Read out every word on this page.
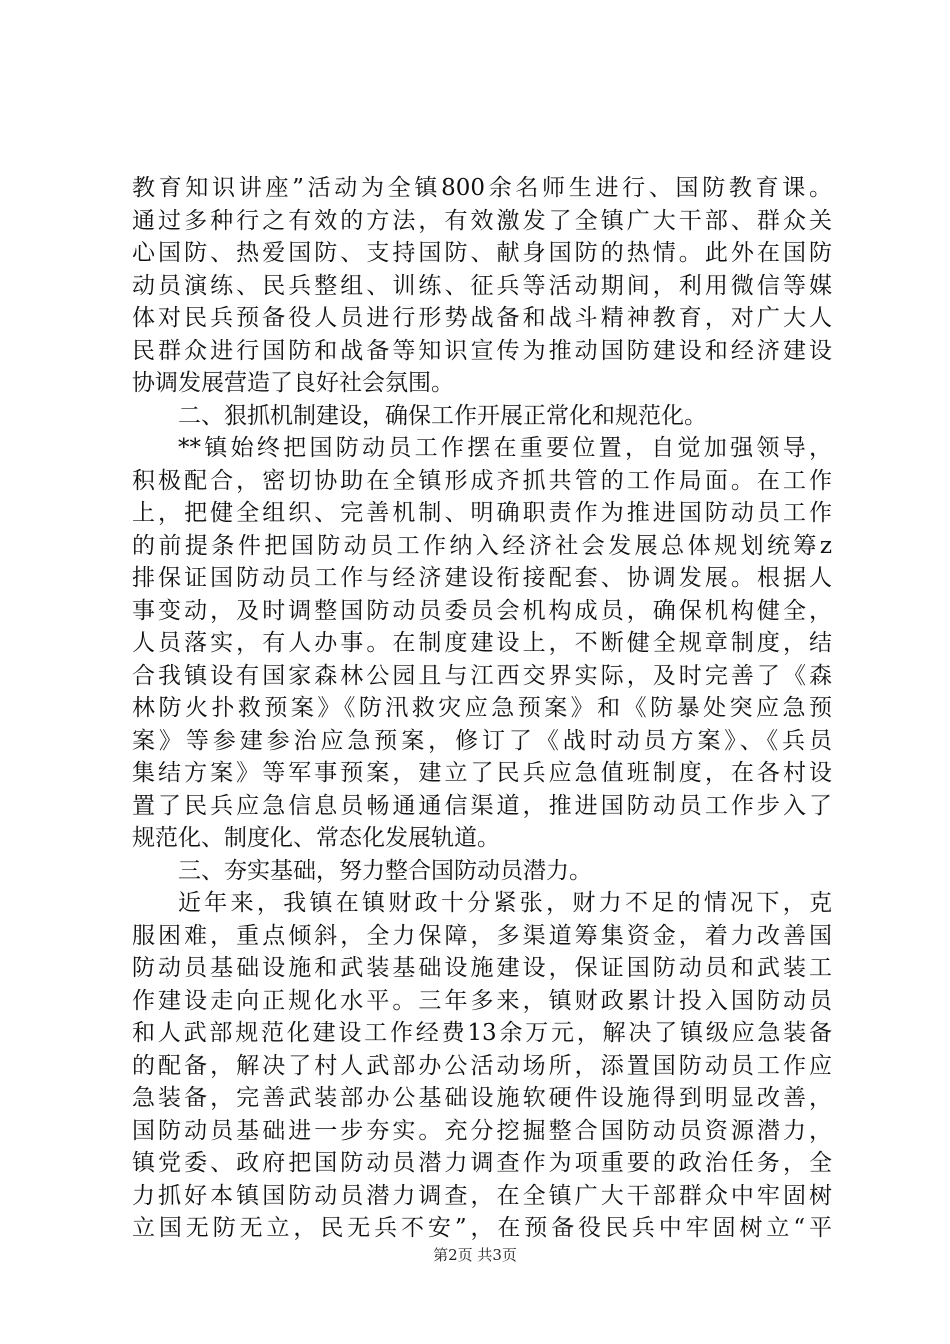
教育知识讲座”活动为全镇800余名师生进行、国防教育课。
通过多种行之有效的方法，有效激发了全镇广大干部、群众关
心国防、热爱国防、支持国防、献身国防的热情。此外在国防
动员演练、民兵整组、训练、征兵等活动期间，利用微信等媒
体对民兵预备役人员进行形势战备和战斗精神教育，对广大人
民群众进行国防和战备等知识宣传为推动国防建设和经济建设
协调发展营造了良好社会氛围。
二、狠抓机制建设，确保工作开展正常化和规范化。
**镇始终把国防动员工作摆在重要位置，自觉加强领导，
积极配合，密切协助在全镇形成齐抓共管的工作局面。在工作
上，把健全组织、完善机制、明确职责作为推进国防动员工作
的前提条件把国防动员工作纳入经济社会发展总体规划统筹z
排保证国防动员工作与经济建设衔接配套、协调发展。根据人
事变动，及时调整国防动员委员会机构成员，确保机构健全，
人员落实，有人办事。在制度建设上，不断健全规章制度，结
合我镇设有国家森林公园且与江西交界实际，及时完善了《森
林防火扑救预案》《防汛救灾应急预案》和《防暴处突应急预
案》等参建参治应急预案，修订了《战时动员方案》、《兵员
集结方案》等军事预案，建立了民兵应急值班制度，在各村设
置了民兵应急信息员畅通通信渠道，推进国防动员工作步入了
规范化、制度化、常态化发展轨道。
三、夯实基础，努力整合国防动员潜力。
近年来，我镇在镇财政十分紧张，财力不足的情况下，克
服困难，重点倾斜，全力保障，多渠道筹集资金，着力改善国
防动员基础设施和武装基础设施建设，保证国防动员和武装工
作建设走向正规化水平。三年多来，镇财政累计投入国防动员
和人武部规范化建设工作经费13余万元，解决了镇级应急装备
的配备，解决了村人武部办公活动场所，添置国防动员工作应
急装备，完善武装部办公基础设施软硬件设施得到明显改善，
国防动员基础进一步夯实。充分挖掘整合国防动员资源潜力，
镇党委、政府把国防动员潜力调查作为项重要的政治任务，全
力抓好本镇国防动员潜力调查，在全镇广大干部群众中牢固树
立国无防无立，民无兵不安”，在预备役民兵中牢固树立“平
第2页 共3页
